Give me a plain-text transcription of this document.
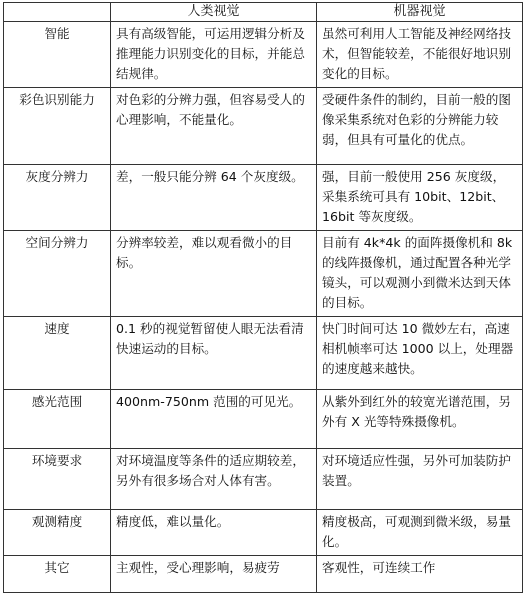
	人类视觉	机器视觉
智能	具有高级智能，可运用逻辑分析及推理能力识别变化的目标，并能总结规律。	虽然可利用人工智能及神经网络技术，但智能较差，不能很好地识别变化的目标。
彩色识别能力	对色彩的分辨力强，但容易受人的心理影响，不能量化。	受硬件条件的制约，目前一般的图像采集系统对色彩的分辨能力较弱，但具有可量化的优点。
灰度分辨力	差，一般只能分辨 64 个灰度级。	强，目前一般使用 256 灰度级，采集系统可具有 10bit、12bit、16bit 等灰度级。
空间分辨力	分辨率较差，难以观看微小的目标。	目前有 4k*4k 的面阵摄像机和 8k 的线阵摄像机，通过配置各种光学镜头，可以观测小到微米达到天体的目标。
速度	0.1 秒的视觉暂留使人眼无法看清快速运动的目标。	快门时间可达 10 微妙左右，高速相机帧率可达 1000 以上，处理器的速度越来越快。
感光范围	400nm-750nm 范围的可见光。	从紫外到红外的较宽光谱范围，另外有 X 光等特殊摄像机。
环境要求	对环境温度等条件的适应期较差，另外有很多场合对人体有害。	对环境适应性强，另外可加装防护装置。
观测精度	精度低，难以量化。	精度极高，可观测到微米级，易量化。
其它	主观性，受心理影响，易疲劳	客观性，可连续工作
